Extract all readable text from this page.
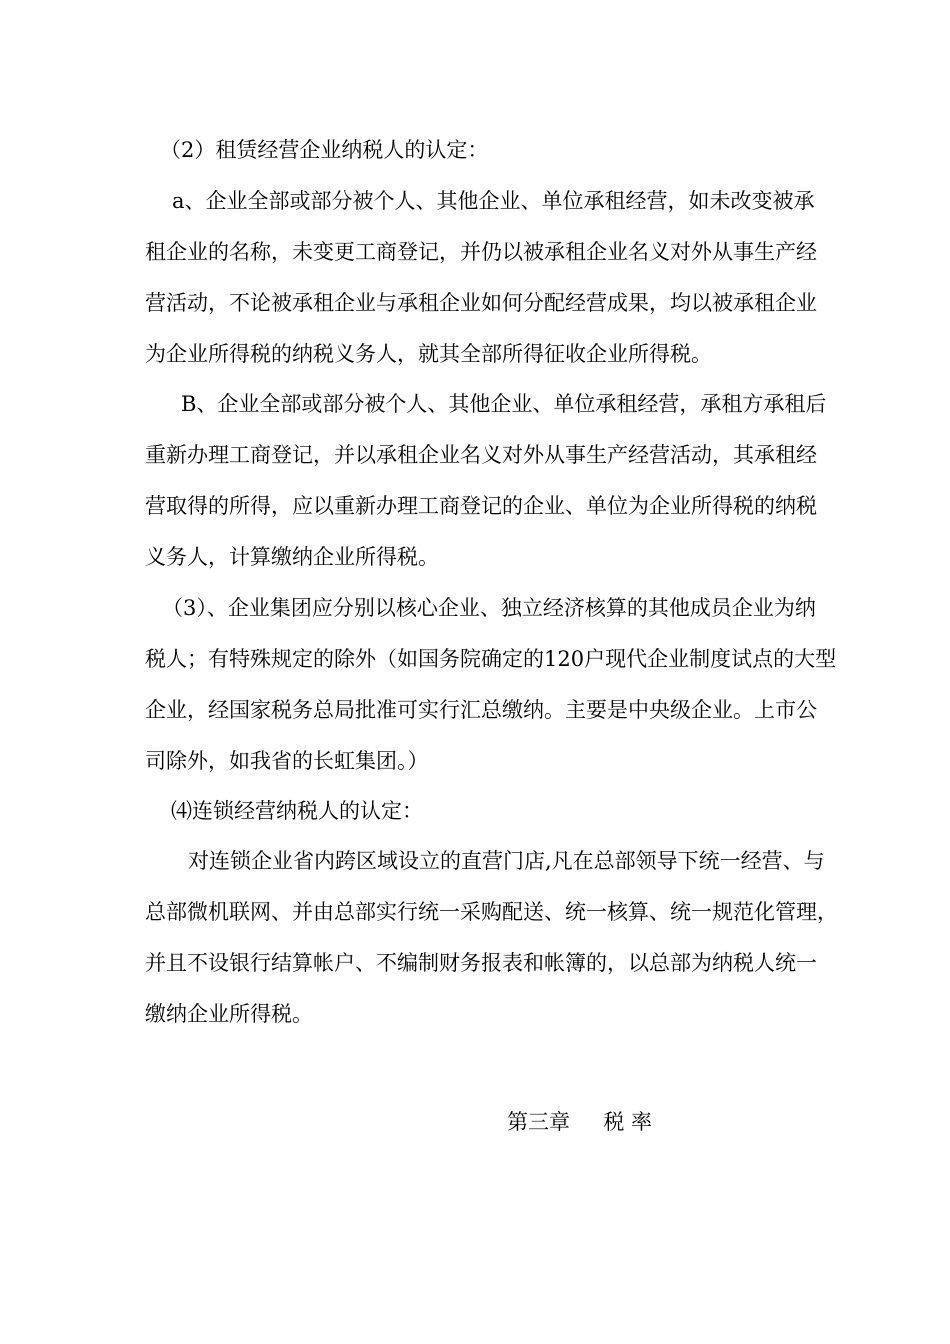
（2）租赁经营企业纳税人的认定：

a、企业全部或部分被个人、其他企业、单位承租经营，如未改变被承

租企业的名称，未变更工商登记，并仍以被承租企业名义对外从事生产经

营活动，不论被承租企业与承租企业如何分配经营成果，均以被承租企业

为企业所得税的纳税义务人，就其全部所得征收企业所得税。

B、企业全部或部分被个人、其他企业、单位承租经营，承租方承租后

重新办理工商登记，并以承租企业名义对外从事生产经营活动，其承租经

营取得的所得，应以重新办理工商登记的企业、单位为企业所得税的纳税

义务人，计算缴纳企业所得税。

（3）、企业集团应分别以核心企业、独立经济核算的其他成员企业为纳

税人；有特殊规定的除外（如国务院确定的120户现代企业制度试点的大型

企业，经国家税务总局批准可实行汇总缴纳。主要是中央级企业。上市公

司除外，如我省的长虹集团。）

⑷连锁经营纳税人的认定：

对连锁企业省内跨区域设立的直营门店,凡在总部领导下统一经营、与

总部微机联网、并由总部实行统一采购配送、统一核算、统一规范化管理，

并且不设银行结算帐户、不编制财务报表和帐簿的，以总部为纳税人统一

缴纳企业所得税。

第三章     税 率
